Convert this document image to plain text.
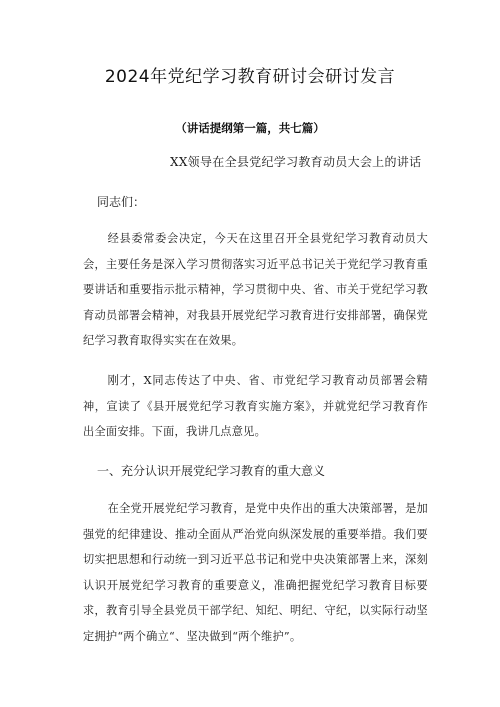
2024年党纪学习教育研讨会研讨发言
（讲话提纲第一篇，共七篇）
XX领导在全县党纪学习教育动员大会上的讲话
同志们：

经县委常委会决定，今天在这里召开全县党纪学习教育动员大会，主要任务是深入学习贯彻落实习近平总书记关于党纪学习教育重要讲话和重要指示批示精神，学习贯彻中央、省、市关于党纪学习教育动员部署会精神，对我县开展党纪学习教育进行安排部署，确保党纪学习教育取得实实在在效果。

刚才，X同志传达了中央、省、市党纪学习教育动员部署会精神，宣读了《县开展党纪学习教育实施方案》，并就党纪学习教育作出全面安排。下面，我讲几点意见。

一、充分认识开展党纪学习教育的重大意义

在全党开展党纪学习教育，是党中央作出的重大决策部署，是加强党的纪律建设、推动全面从严治党向纵深发展的重要举措。我们要切实把思想和行动统一到习近平总书记和党中央决策部署上来，深刻认识开展党纪学习教育的重要意义，准确把握党纪学习教育目标要求，教育引导全县党员干部学纪、知纪、明纪、守纪，以实际行动坚定拥护“两个确立“、坚决做到“两个维护”。
